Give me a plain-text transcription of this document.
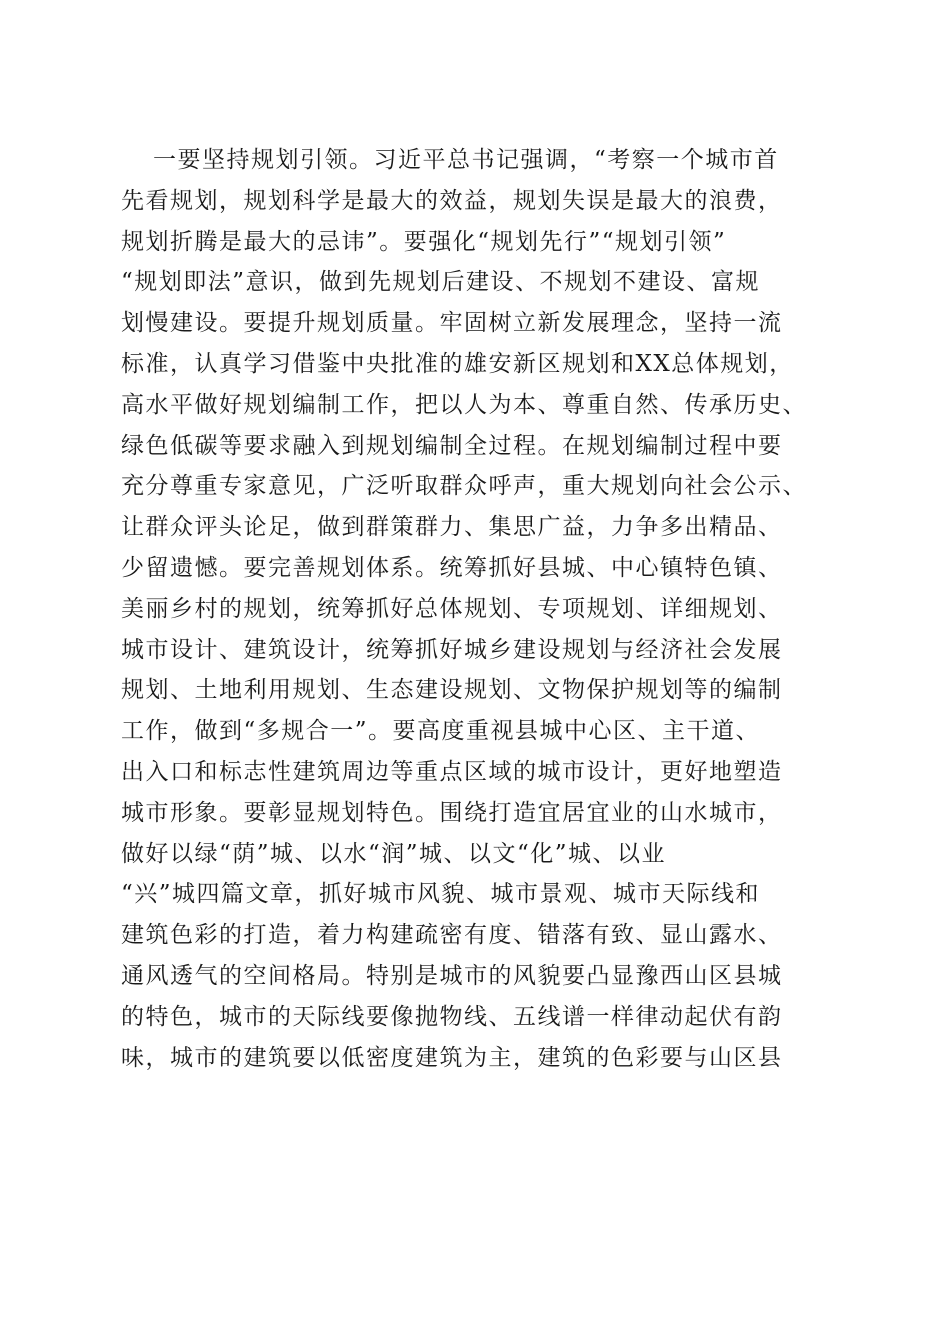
一要坚持规划引领。习近平总书记强调，“考察一个城市首
先看规划，规划科学是最大的效益，规划失误是最大的浪费，
规划折腾是最大的忌讳”。要强化“规划先行”“规划引领”
“规划即法”意识，做到先规划后建设、不规划不建设、富规
划慢建设。要提升规划质量。牢固树立新发展理念，坚持一流
标准，认真学习借鉴中央批准的雄安新区规划和XX总体规划，
高水平做好规划编制工作，把以人为本、尊重自然、传承历史、
绿色低碳等要求融入到规划编制全过程。在规划编制过程中要
充分尊重专家意见，广泛听取群众呼声，重大规划向社会公示、
让群众评头论足，做到群策群力、集思广益，力争多出精品、
少留遗憾。要完善规划体系。统筹抓好县城、中心镇特色镇、
美丽乡村的规划，统筹抓好总体规划、专项规划、详细规划、
城市设计、建筑设计，统筹抓好城乡建设规划与经济社会发展
规划、土地利用规划、生态建设规划、文物保护规划等的编制
工作，做到“多规合一”。要高度重视县城中心区、主干道、
出入口和标志性建筑周边等重点区域的城市设计，更好地塑造
城市形象。要彰显规划特色。围绕打造宜居宜业的山水城市，
做好以绿“荫”城、以水“润”城、以文“化”城、以业
“兴”城四篇文章，抓好城市风貌、城市景观、城市天际线和
建筑色彩的打造，着力构建疏密有度、错落有致、显山露水、
通风透气的空间格局。特别是城市的风貌要凸显豫西山区县城
的特色，城市的天际线要像抛物线、五线谱一样律动起伏有韵
味，城市的建筑要以低密度建筑为主，建筑的色彩要与山区县
